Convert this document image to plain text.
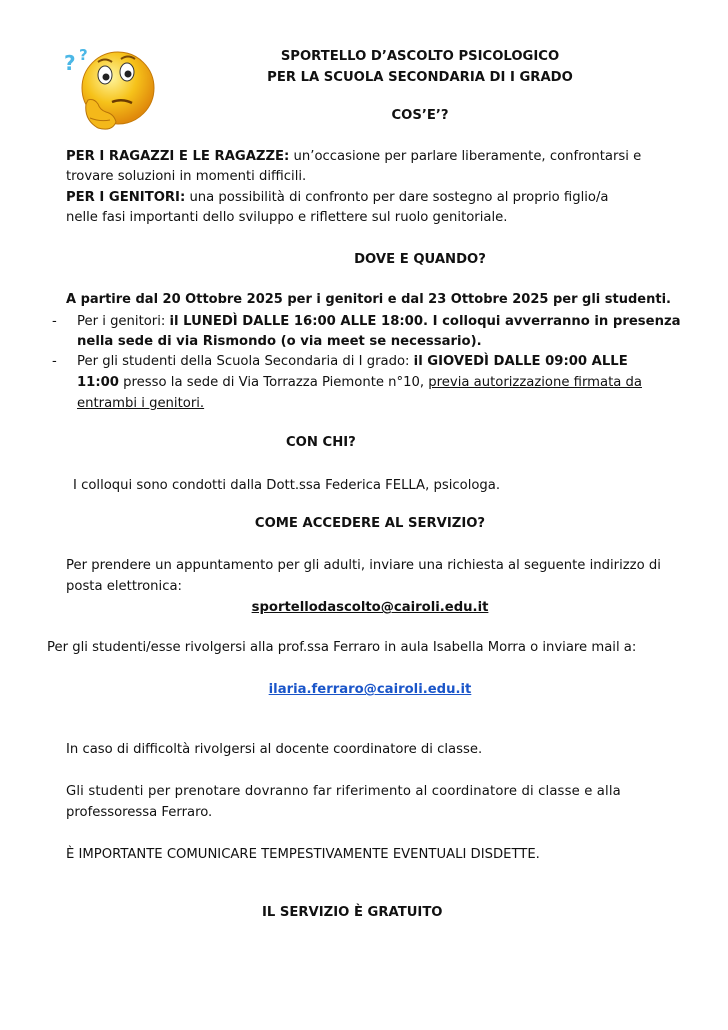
? ?	SPORTELLO D’ASCOLTO PSICOLOGICO
PER LA SCUOLA SECONDARIA DI I GRADO
COS’E’?
PER I RAGAZZI E LE RAGAZZE: un’occasione per parlare liberamente, confrontarsi e
trovare soluzioni in momenti difficili.
PER I GENITORI: una possibilità di confronto per dare sostegno al proprio figlio/a
nelle fasi importanti dello sviluppo e riflettere sul ruolo genitoriale.
DOVE E QUANDO?
A partire dal 20 Ottobre 2025 per i genitori e dal 23 Ottobre 2025 per gli studenti.
- Per i genitori: il LUNEDÌ DALLE 16:00 ALLE 18:00. I colloqui avverranno in presenza
nella sede di via Rismondo (o via meet se necessario).
- Per gli studenti della Scuola Secondaria di I grado: il GIOVEDÌ DALLE 09:00 ALLE
11:00 presso la sede di Via Torrazza Piemonte n°10, previa autorizzazione firmata da
entrambi i genitori.
CON CHI?
I colloqui sono condotti dalla Dott.ssa Federica FELLA, psicologa.
COME ACCEDERE AL SERVIZIO?
Per prendere un appuntamento per gli adulti, inviare una richiesta al seguente indirizzo di
posta elettronica:
sportellodascolto@cairoli.edu.it
Per gli studenti/esse rivolgersi alla prof.ssa Ferraro in aula Isabella Morra o inviare mail a:
ilaria.ferraro@cairoli.edu.it
In caso di difficoltà rivolgersi al docente coordinatore di classe.
Gli studenti per prenotare dovranno far riferimento al coordinatore di classe e alla
professoressa Ferraro.
È IMPORTANTE COMUNICARE TEMPESTIVAMENTE EVENTUALI DISDETTE.
IL SERVIZIO È GRATUITO
